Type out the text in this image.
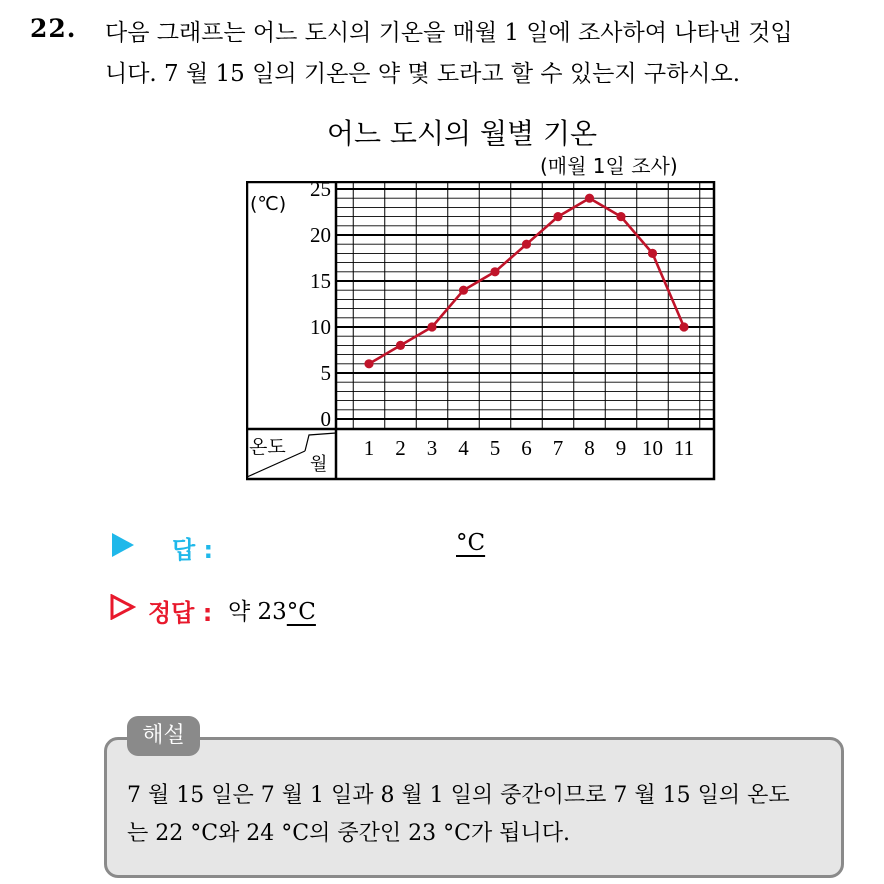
22. 다음 그래프는 어느 도시의 기온을 매월 1 일에 조사하여 나타낸 것입
니다. 7 월 15 일의 기온은 약 몇 도라고 할 수 있는지 구하시오.
어느 도시의 월별 기온
(매월 1일 조사)
(℃)
온도
월
0
5
10
15
20
25
1 2 3 4 5 6 7 8 9 10 11
답 :	°C
정답 : 약 23°C
해설
7 월 15 일은 7 월 1 일과 8 월 1 일의 중간이므로 7 월 15 일의 온도
는 22 °C와 24 °C의 중간인 23 °C가 됩니다.
